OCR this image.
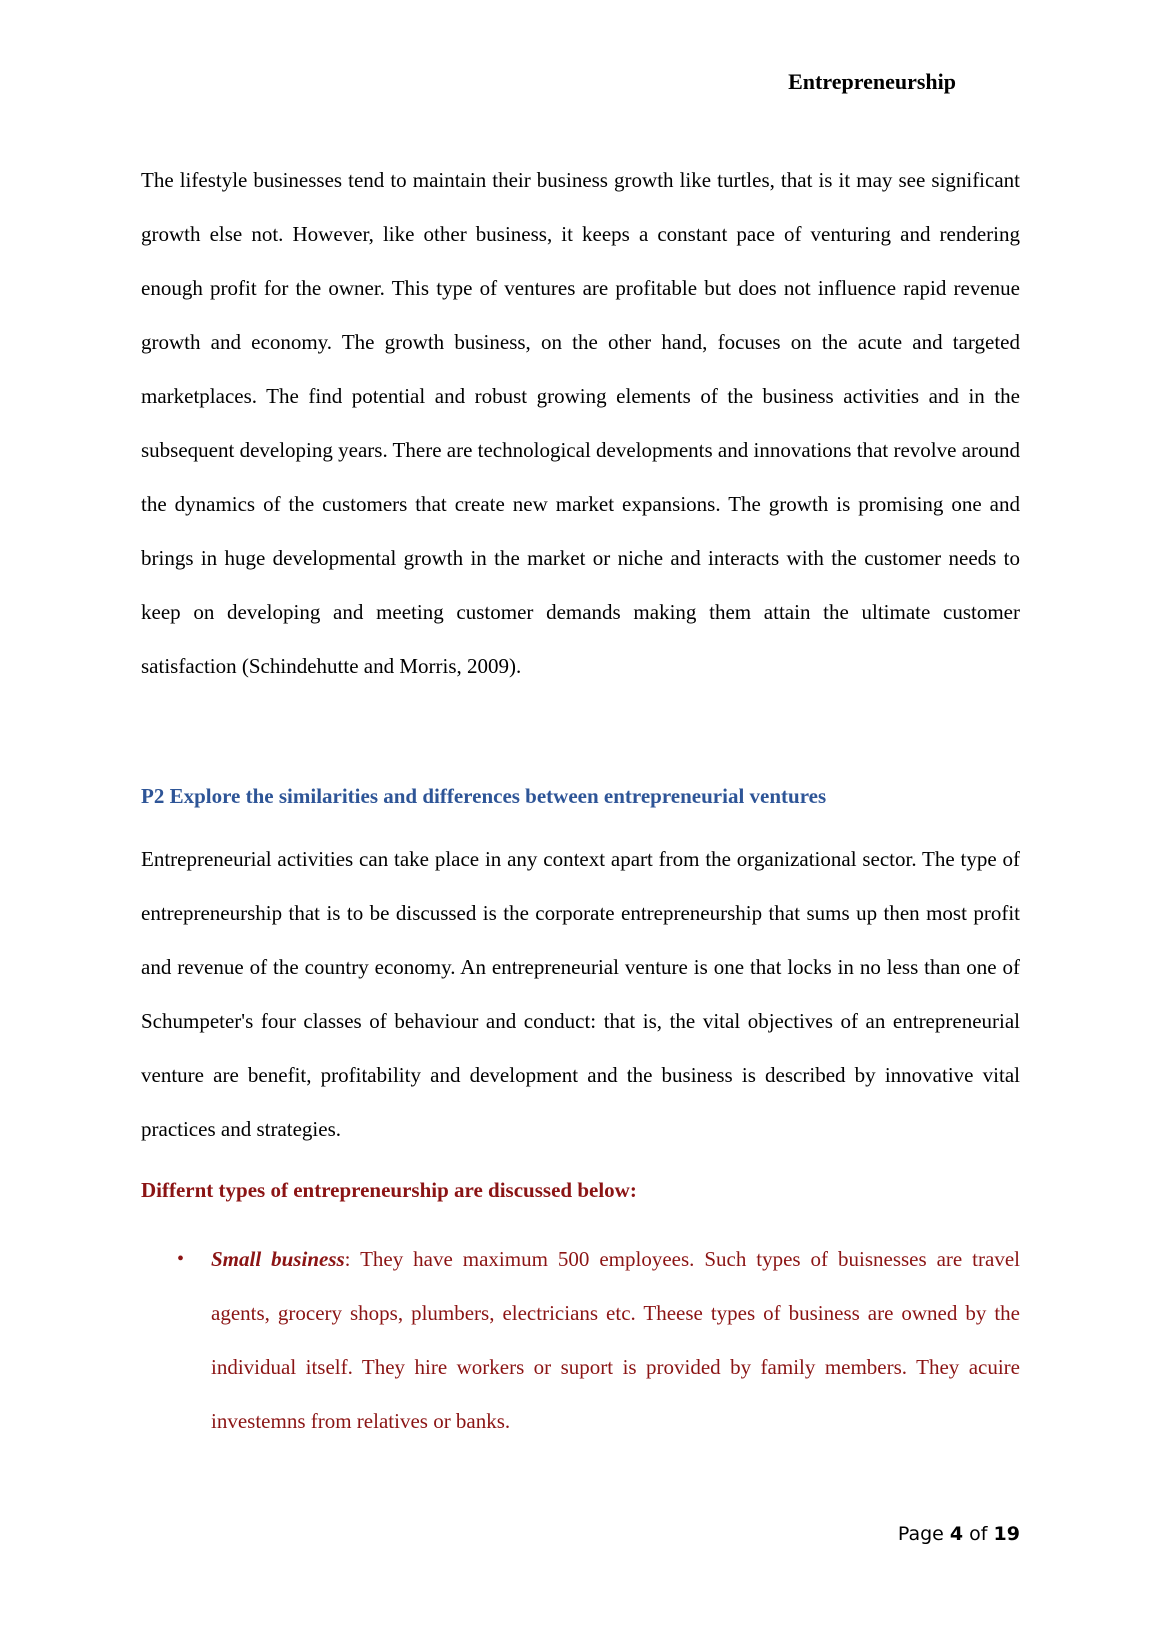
Entrepreneurship

The lifestyle businesses tend to maintain their business growth like turtles, that is it may see significant growth else not. However, like other business, it keeps a constant pace of venturing and rendering enough profit for the owner. This type of ventures are profitable but does not influence rapid revenue growth and economy. The growth business, on the other hand, focuses on the acute and targeted marketplaces. The find potential and robust growing elements of the business activities and in the subsequent developing years. There are technological developments and innovations that revolve around the dynamics of the customers that create new market expansions. The growth is promising one and brings in huge developmental growth in the market or niche and interacts with the customer needs to keep on developing and meeting customer demands making them attain the ultimate customer satisfaction (Schindehutte and Morris, 2009).

P2 Explore the similarities and differences between entrepreneurial ventures

Entrepreneurial activities can take place in any context apart from the organizational sector. The type of entrepreneurship that is to be discussed is the corporate entrepreneurship that sums up then most profit and revenue of the country economy. An entrepreneurial venture is one that locks in no less than one of Schumpeter's four classes of behaviour and conduct: that is, the vital objectives of an entrepreneurial venture are benefit, profitability and development and the business is described by innovative vital practices and strategies.

Differnt types of entrepreneurship are discussed below:
• Small business: They have maximum 500 employees. Such types of buisnesses are travel agents, grocery shops, plumbers, electricians etc. Theese types of business are owned by the individual itself. They hire workers or suport is provided by family members. They acuire investemns from relatives or banks.
Page 4 of 19
